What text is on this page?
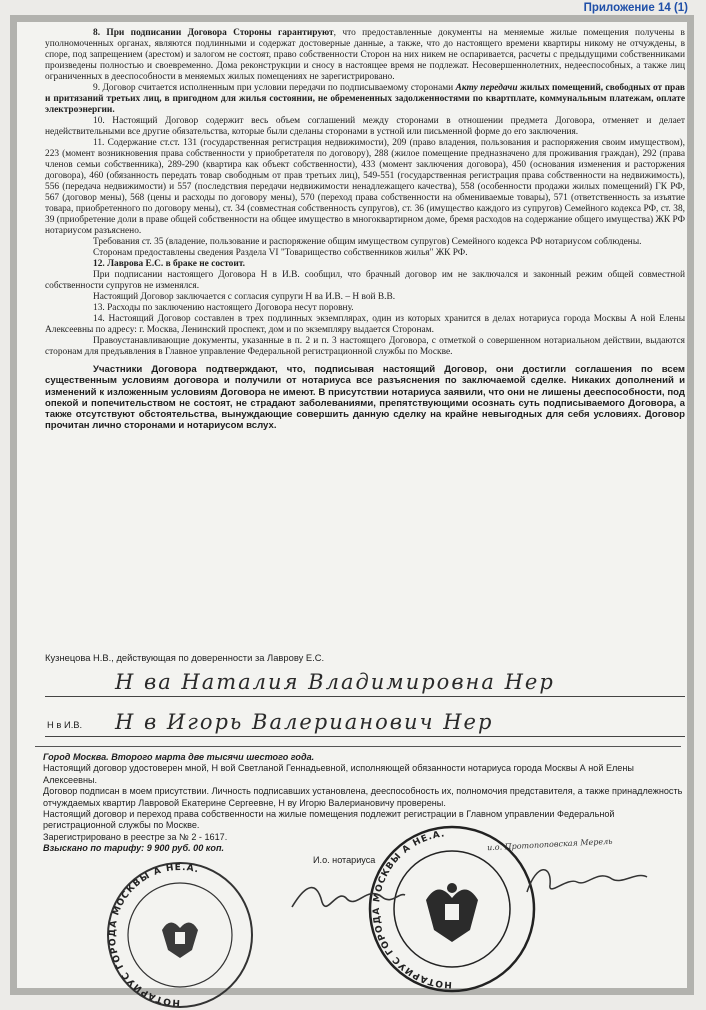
Приложение 14 (1)

8. При подписании Договора Стороны гарантируют, что предоставленные документы на меняемые жилые помещения получены в уполномоченных органах, являются подлинными и содержат достоверные данные, а также, что до настоящего времени квартиры никому не отчуждены, в споре, под запрещением (арестом) и залогом не состоят, право собственности Сторон на них никем не оспаривается, расчеты с предыдущими собственниками произведены полностью и своевременно. Дома реконструкции и сносу в настоящее время не подлежат. Несовершеннолетних, недееспособных, а также лиц ограниченных в дееспособности в меняемых жилых помещениях не зарегистрировано.

9. Договор считается исполненным при условии передачи по подписываемому сторонами Акту передачи жилых помещений, свободных от прав и притязаний третьих лиц, в пригодном для жилья состоянии, не обремененных задолженностями по квартплате, коммунальным платежам, оплате электроэнергии.

10. Настоящий Договор содержит весь объем соглашений между сторонами в отношении предмета Договора, отменяет и делает недействительными все другие обязательства, которые были сделаны сторонами в устной или письменной форме до его заключения.

11. Содержание ст.ст. 131 (государственная регистрация недвижимости), 209 (право владения, пользования и распоряжения своим имуществом), 223 (момент возникновения права собственности у приобретателя по договору), 288 (жилое помещение предназначено для проживания граждан), 292 (права членов семьи собственника), 289-290 (квартира как объект собственности), 433 (момент заключения договора), 450 (основания изменения и расторжения договора), 460 (обязанность передать товар свободным от прав третьих лиц), 549-551 (государственная регистрация права собственности на недвижимость), 556 (передача недвижимости) и 557 (последствия передачи недвижимости ненадлежащего качества), 558 (особенности продажи жилых помещений) ГК РФ, 567 (договор мены), 568 (цены и расходы по договору мены), 570 (переход права собственности на обмениваемые товары), 571 (ответственность за изъятие товара, приобретенного по договору мены), ст. 34 (совместная собственность супругов), ст. 36 (имущество каждого из супругов) Семейного кодекса РФ, ст. 38, 39 (приобретение доли в праве общей собственности на общее имущество в многоквартирном доме, бремя расходов на содержание общего имущества) ЖК РФ нотариусом разъяснено.

Требования ст. 35 (владение, пользование и распоряжение общим имуществом супругов) Семейного кодекса РФ нотариусом соблюдены.

Сторонам предоставлены сведения Раздела VI "Товарищество собственников жилья" ЖК РФ.

12. Лаврова Е.С. в браке не состоит.

При подписании настоящего Договора Н в И.В. сообщил, что брачный договор им не заключался и законный режим общей совместной собственности супругов не изменялся.

Настоящий Договор заключается с согласия супруги Н ва И.В. – Н вой В.В.

13. Расходы по заключению настоящего Договора несут поровну.

14. Настоящий Договор составлен в трех подлинных экземплярах, один из которых хранится в делах нотариуса города Москвы А ной Елены Алексеевны по адресу: г. Москва, Ленинский проспект, дом и по экземпляру выдается Сторонам.

Правоустанавливающие документы, указанные в п. 2 и п. 3 настоящего Договора, с отметкой о совершенном нотариальном действии, выдаются сторонам для предъявления в Главное управление Федеральной регистрационной службы по Москве.

Участники Договора подтверждают, что, подписывая настоящий Договор, они достигли соглашения по всем существенным условиям договора и получили от нотариуса все разъяснения по заключаемой сделке. Никаких дополнений и изменений к изложенным условиям Договора не имеют. В присутствии нотариуса заявили, что они не лишены дееспособности, под опекой и попечительством не состоят, не страдают заболеваниями, препятствующими осознать суть подписываемого Договора, а также отсутствуют обстоятельства, вынуждающие совершить данную сделку на крайне невыгодных для себя условиях. Договор прочитан лично сторонами и нотариусом вслух.

Кузнецова Н.В., действующая по доверенности за Лаврову Е.С.
Н ва Наталия Владимировна Нер
Н в И.В. Н в Игорь Валерианович Нер

Город Москва. Второго марта две тысячи шестого года.

Настоящий договор удостоверен мной, Н вой Светланой Геннадьевной, исполняющей обязанности нотариуса города Москвы А ной Елены Алексеевны.

Договор подписан в моем присутствии. Личность подписавших установлена, дееспособность их, полномочия представителя, а также принадлежность отчуждаемых квартир Лавровой Екатерине Сергеевне, Н ву Игорю Валериановичу проверены.

Настоящий договор и переход права собственности на жилые помещения подлежит регистрации в Главном управлении Федеральной регистрационной службы по Москве.

Зарегистрировано в реестре за № 2 - 1617.

Взыскано по тарифу: 9 900 руб. 00 коп.

И.о. нотариуса

и.о. Протопоповская Мерель
НОТАРИУС ГОРОДА МОСКВЫ А НЕ.А.
НОТАРИУС ГОРОДА МОСКВЫ А НЕ.А.
